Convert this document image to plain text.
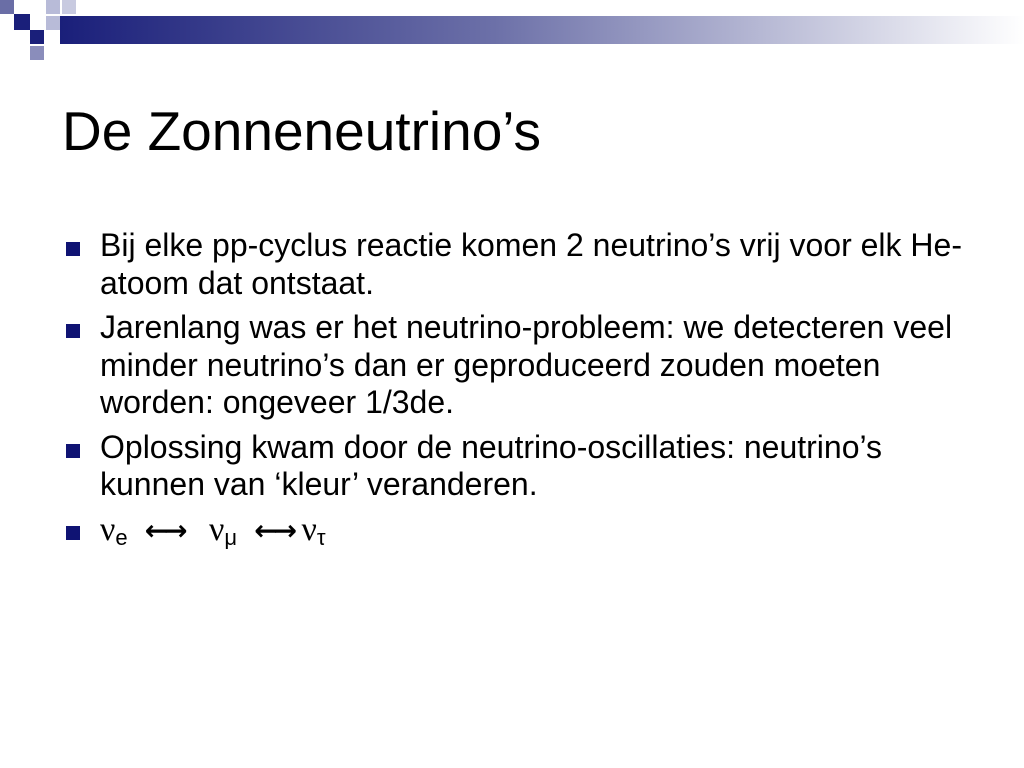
De Zonneneutrino’s
Bij elke pp-cyclus reactie komen 2 neutrino’s vrij voor elk He-atoom dat ontstaat.
Jarenlang was er het neutrino-probleem: we detecteren veel minder neutrino’s dan er geproduceerd zouden moeten worden: ongeveer 1/3de.
Oplossing kwam door de neutrino-oscillaties: neutrino’s kunnen van ‘kleur’ veranderen.
$\nu_e$ ←→ $\nu_\mu$ ←→ $\nu_\tau$
